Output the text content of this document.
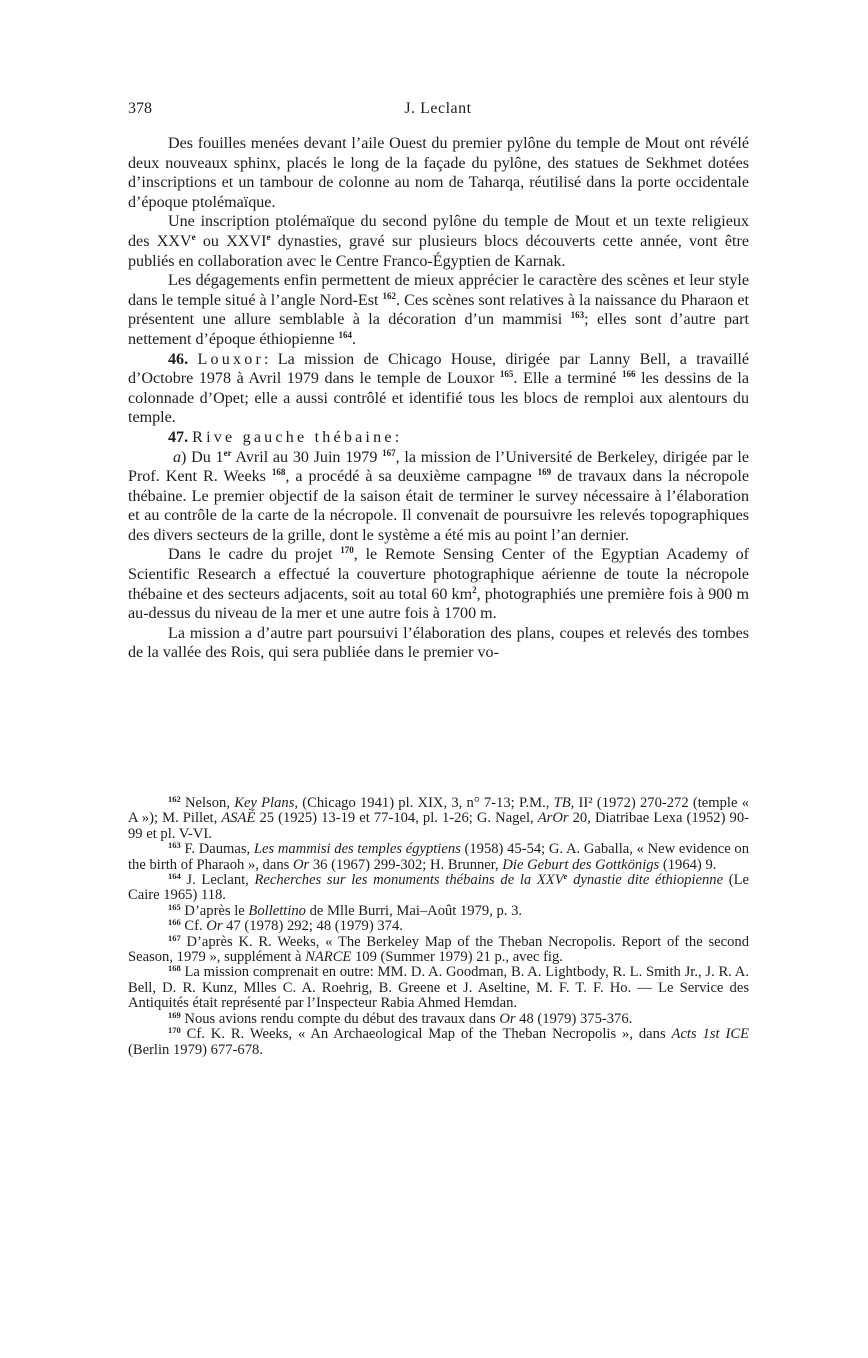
378	J. Leclant

Des fouilles menées devant l’aile Ouest du premier pylône du temple de Mout ont révélé deux nouveaux sphinx, placés le long de la façade du pylône, des statues de Sekhmet dotées d’inscriptions et un tambour de colonne au nom de Taharqa, réutilisé dans la porte occidentale d’époque ptolémaïque.

Une inscription ptolémaïque du second pylône du temple de Mout et un texte religieux des XXVe ou XXVIe dynasties, gravé sur plusieurs blocs découverts cette année, vont être publiés en collaboration avec le Centre Franco-Égyptien de Karnak.

Les dégagements enfin permettent de mieux apprécier le caractère des scènes et leur style dans le temple situé à l’angle Nord-Est $^{162}$. Ces scènes sont relatives à la naissance du Pharaon et présentent une allure semblable à la décoration d’un mammisi $^{163}$; elles sont d’autre part nettement d’époque éthiopienne $^{164}$.

46. Louxor: La mission de Chicago House, dirigée par Lanny Bell, a travaillé d’Octobre 1978 à Avril 1979 dans le temple de Louxor $^{165}$. Elle a terminé $^{166}$ les dessins de la colonnade d’Opet; elle a aussi contrôlé et identifié tous les blocs de remploi aux alentours du temple.

47. Rive gauche thébaine:

a) Du 1er Avril au 30 Juin 1979 $^{167}$, la mission de l’Université de Berkeley, dirigée par le Prof. Kent R. Weeks $^{168}$, a procédé à sa deuxième campagne $^{169}$ de travaux dans la nécropole thébaine. Le premier objectif de la saison était de terminer le survey nécessaire à l’élaboration et au contrôle de la carte de la nécropole. Il convenait de poursuivre les relevés topographiques des divers secteurs de la grille, dont le système a été mis au point l’an dernier.

Dans le cadre du projet $^{170}$, le Remote Sensing Center of the Egyptian Academy of Scientific Research a effectué la couverture photographique aérienne de toute la nécropole thébaine et des secteurs adjacents, soit au total 60 $km^2$, photographiés une première fois à 900 m au-dessus du niveau de la mer et une autre fois à 1700 m.

La mission a d’autre part poursuivi l’élaboration des plans, coupes et relevés des tombes de la vallée des Rois, qui sera publiée dans le premier vo-

$^{162}$ Nelson, Key Plans, (Chicago 1941) pl. XIX, 3, n° 7-13; P.M., TB, II² (1972) 270-272 (temple « A »); M. Pillet, ASAÉ 25 (1925) 13-19 et 77-104, pl. 1-26; G. Nagel, ArOr 20, Diatribae Lexa (1952) 90-99 et pl. V-VI.

$^{163}$ F. Daumas, Les mammisi des temples égyptiens (1958) 45-54; G. A. Gaballa, « New evidence on the birth of Pharaoh », dans Or 36 (1967) 299-302; H. Brunner, Die Geburt des Gottkönigs (1964) 9.

$^{164}$ J. Leclant, Recherches sur les monuments thébains de la XXVe dynastie dite éthiopienne (Le Caire 1965) 118.

$^{165}$ D’après le Bollettino de Mlle Burri, Mai–Août 1979, p. 3.

$^{166}$ Cf. Or 47 (1978) 292; 48 (1979) 374.

$^{167}$ D’après K. R. Weeks, « The Berkeley Map of the Theban Necropolis. Report of the second Season, 1979 », supplément à NARCE 109 (Summer 1979) 21 p., avec fig.

$^{168}$ La mission comprenait en outre: MM. D. A. Goodman, B. A. Lightbody, R. L. Smith Jr., J. R. A. Bell, D. R. Kunz, Mlles C. A. Roehrig, B. Greene et J. Aseltine, M. F. T. F. Ho. — Le Service des Antiquités était représenté par l’Inspecteur Rabia Ahmed Hemdan.

$^{169}$ Nous avions rendu compte du début des travaux dans Or 48 (1979) 375-376.

$^{170}$ Cf. K. R. Weeks, « An Archaeological Map of the Theban Necropolis », dans Acts 1st ICE (Berlin 1979) 677-678.
